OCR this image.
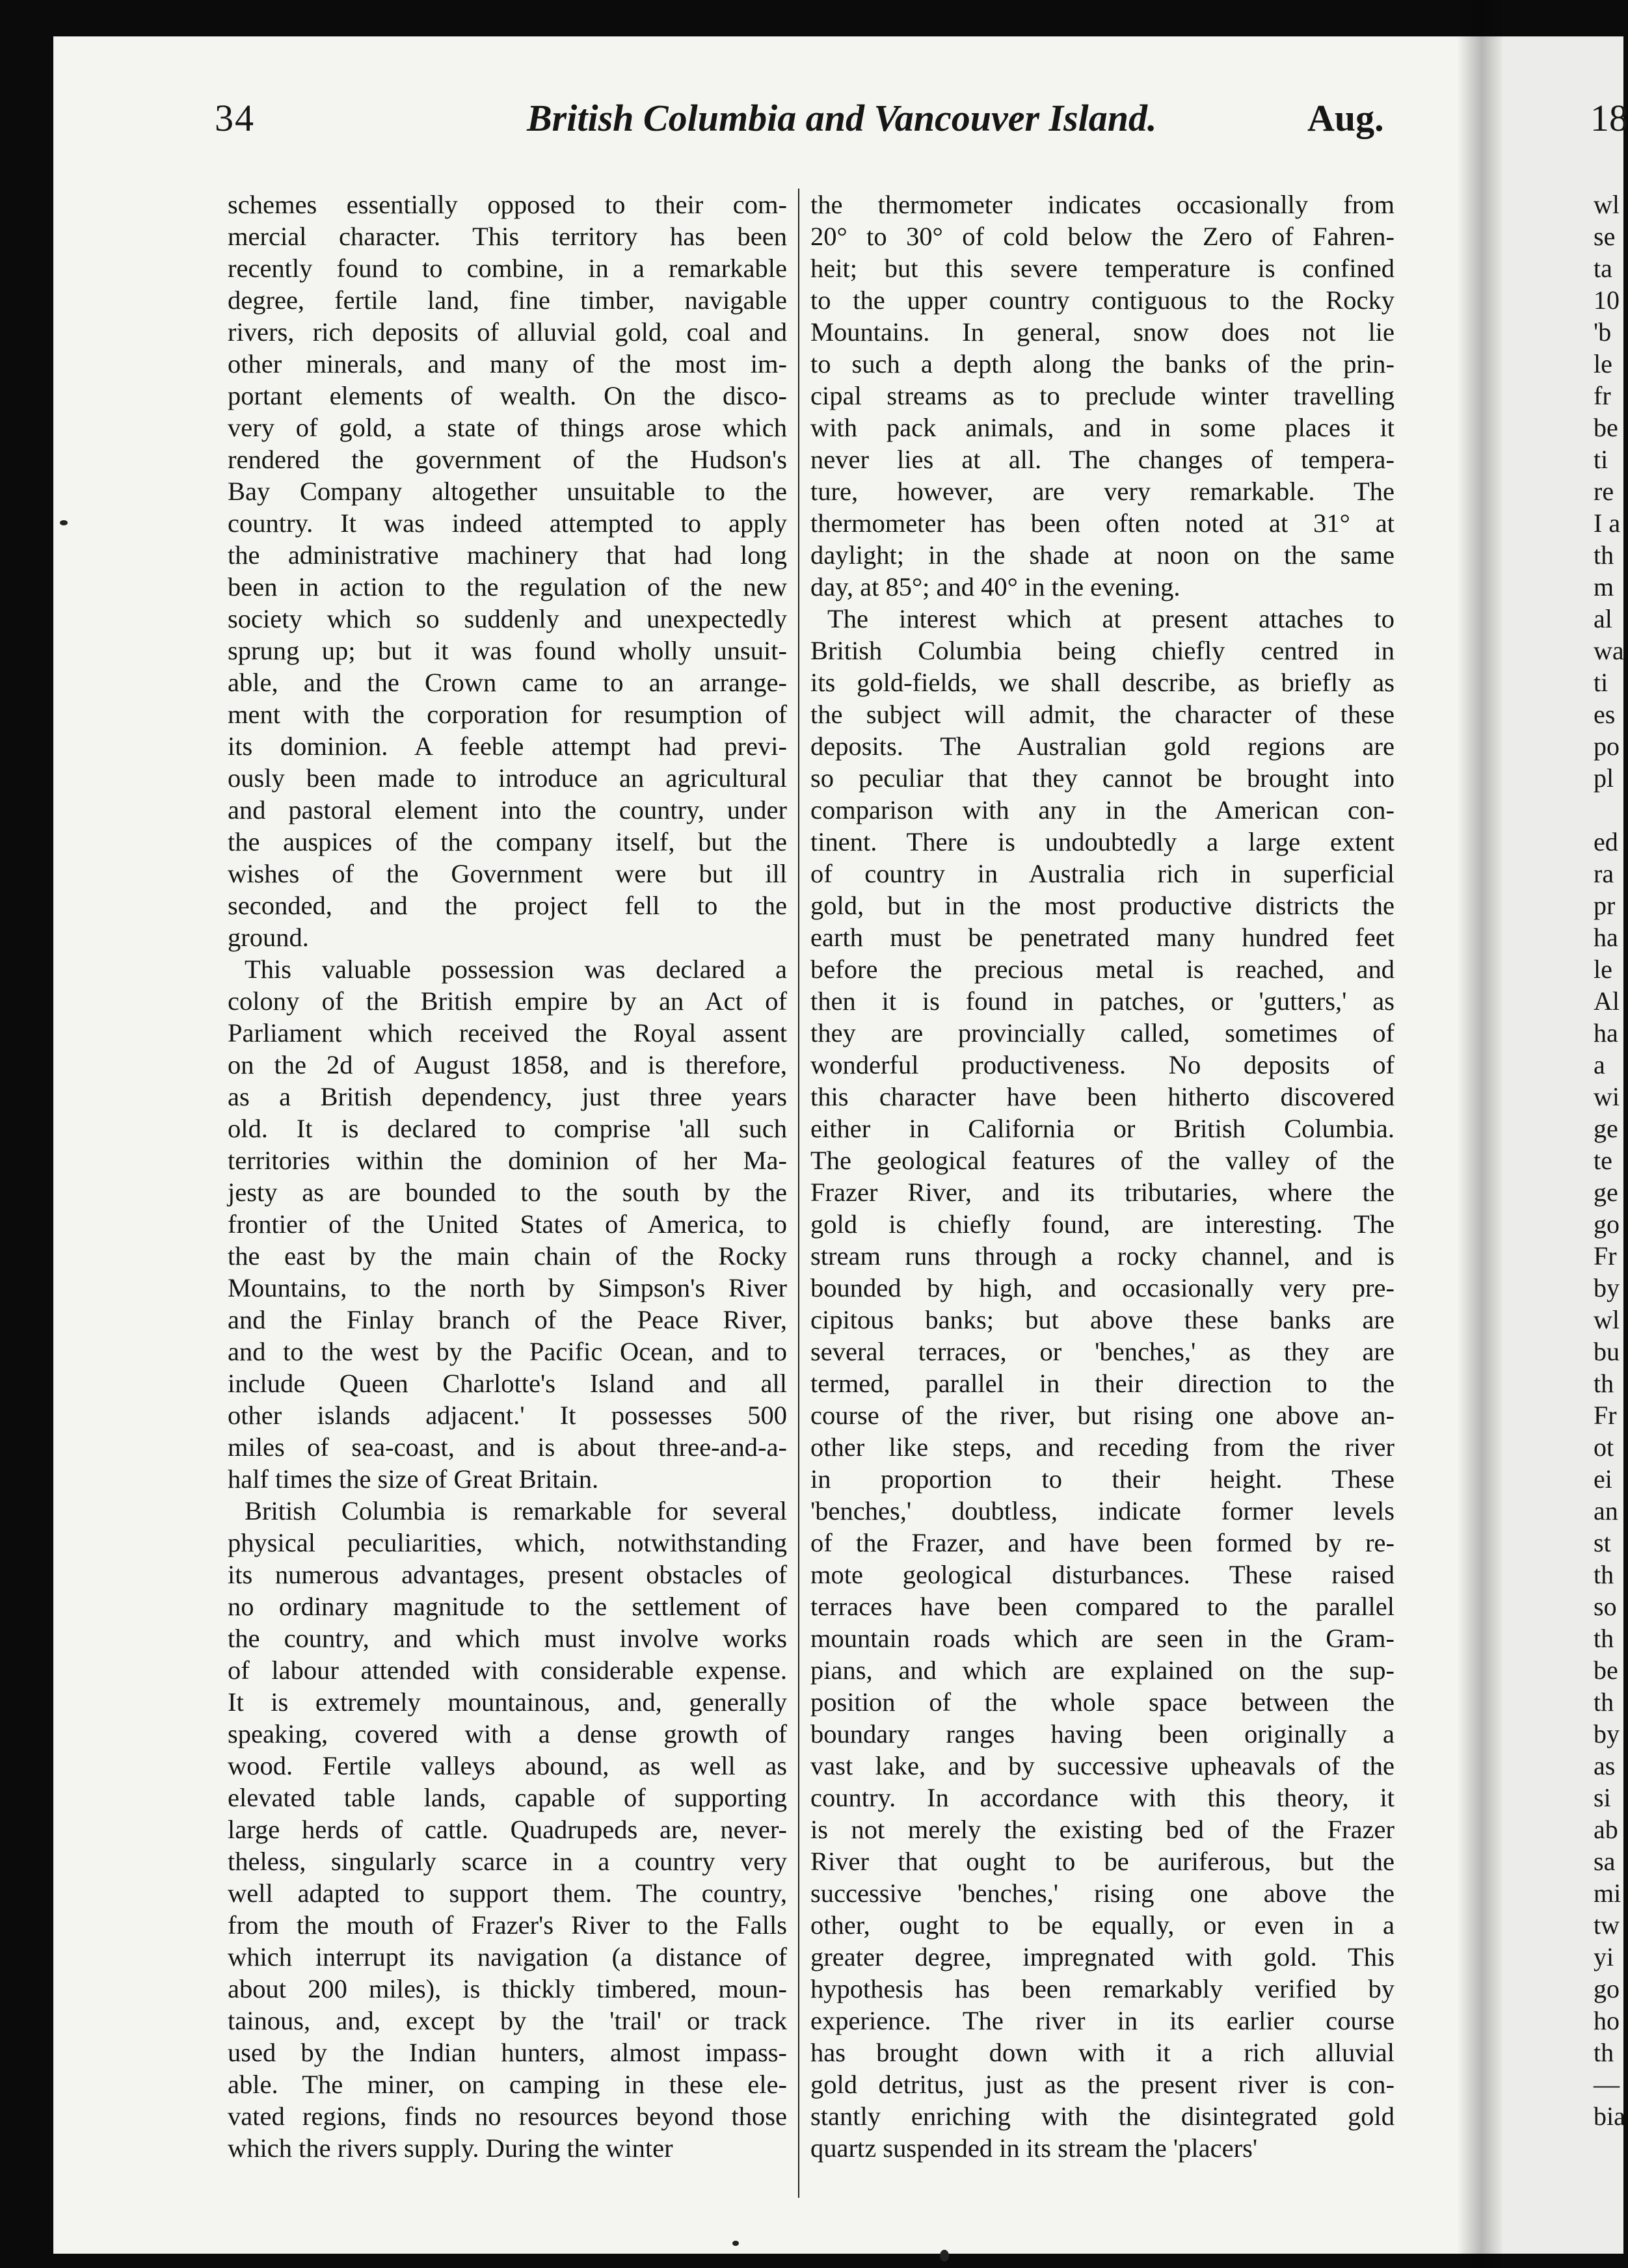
34	British Columbia and Vancouver Island.	Aug.	18
schemes essentially opposed to their com-
mercial character. This territory has been
recently found to combine, in a remarkable
degree, fertile land, fine timber, navigable
rivers, rich deposits of alluvial gold, coal and
other minerals, and many of the most im-
portant elements of wealth. On the disco-
very of gold, a state of things arose which
rendered the government of the Hudson's
Bay Company altogether unsuitable to the
country. It was indeed attempted to apply
the administrative machinery that had long
been in action to the regulation of the new
society which so suddenly and unexpectedly
sprung up; but it was found wholly unsuit-
able, and the Crown came to an arrange-
ment with the corporation for resumption of
its dominion. A feeble attempt had previ-
ously been made to introduce an agricultural
and pastoral element into the country, under
the auspices of the company itself, but the
wishes of the Government were but ill
seconded, and the project fell to the
ground.
This valuable possession was declared a
colony of the British empire by an Act of
Parliament which received the Royal assent
on the 2d of August 1858, and is therefore,
as a British dependency, just three years
old. It is declared to comprise 'all such
territories within the dominion of her Ma-
jesty as are bounded to the south by the
frontier of the United States of America, to
the east by the main chain of the Rocky
Mountains, to the north by Simpson's River
and the Finlay branch of the Peace River,
and to the west by the Pacific Ocean, and to
include Queen Charlotte's Island and all
other islands adjacent.' It possesses 500
miles of sea-coast, and is about three-and-a-
half times the size of Great Britain.
British Columbia is remarkable for several
physical peculiarities, which, notwithstanding
its numerous advantages, present obstacles of
no ordinary magnitude to the settlement of
the country, and which must involve works
of labour attended with considerable expense.
It is extremely mountainous, and, generally
speaking, covered with a dense growth of
wood. Fertile valleys abound, as well as
elevated table lands, capable of supporting
large herds of cattle. Quadrupeds are, never-
theless, singularly scarce in a country very
well adapted to support them. The country,
from the mouth of Frazer's River to the Falls
which interrupt its navigation (a distance of
about 200 miles), is thickly timbered, moun-
tainous, and, except by the 'trail' or track
used by the Indian hunters, almost impass-
able. The miner, on camping in these ele-
vated regions, finds no resources beyond those
which the rivers supply. During the winter
the thermometer indicates occasionally from
20° to 30° of cold below the Zero of Fahren-
heit; but this severe temperature is confined
to the upper country contiguous to the Rocky
Mountains. In general, snow does not lie
to such a depth along the banks of the prin-
cipal streams as to preclude winter travelling
with pack animals, and in some places it
never lies at all. The changes of tempera-
ture, however, are very remarkable. The
thermometer has been often noted at 31° at
daylight; in the shade at noon on the same
day, at 85°; and 40° in the evening.
The interest which at present attaches to
British Columbia being chiefly centred in
its gold-fields, we shall describe, as briefly as
the subject will admit, the character of these
deposits. The Australian gold regions are
so peculiar that they cannot be brought into
comparison with any in the American con-
tinent. There is undoubtedly a large extent
of country in Australia rich in superficial
gold, but in the most productive districts the
earth must be penetrated many hundred feet
before the precious metal is reached, and
then it is found in patches, or 'gutters,' as
they are provincially called, sometimes of
wonderful productiveness. No deposits of
this character have been hitherto discovered
either in California or British Columbia.
The geological features of the valley of the
Frazer River, and its tributaries, where the
gold is chiefly found, are interesting. The
stream runs through a rocky channel, and is
bounded by high, and occasionally very pre-
cipitous banks; but above these banks are
several terraces, or 'benches,' as they are
termed, parallel in their direction to the
course of the river, but rising one above an-
other like steps, and receding from the river
in proportion to their height. These
'benches,' doubtless, indicate former levels
of the Frazer, and have been formed by re-
mote geological disturbances. These raised
terraces have been compared to the parallel
mountain roads which are seen in the Gram-
pians, and which are explained on the sup-
position of the whole space between the
boundary ranges having been originally a
vast lake, and by successive upheavals of the
country. In accordance with this theory, it
is not merely the existing bed of the Frazer
River that ought to be auriferous, but the
successive 'benches,' rising one above the
other, ought to be equally, or even in a
greater degree, impregnated with gold. This
hypothesis has been remarkably verified by
experience. The river in its earlier course
has brought down with it a rich alluvial
gold detritus, just as the present river is con-
stantly enriching with the disintegrated gold
quartz suspended in its stream the 'placers'
wl
se
ta
10
'b
le
fr
be
ti
re
I a
th
m
al
wa
ti
es
po
pl
ed
ra
pr
ha
le
Al
ha
a
wi
ge
te
ge
go
Fr
by
wl
bu
th
Fr
ot
ei
an
st
th
so
th
be
th
by
as
si
ab
sa
mi
tw
yi
go
ho
th
—
bia
